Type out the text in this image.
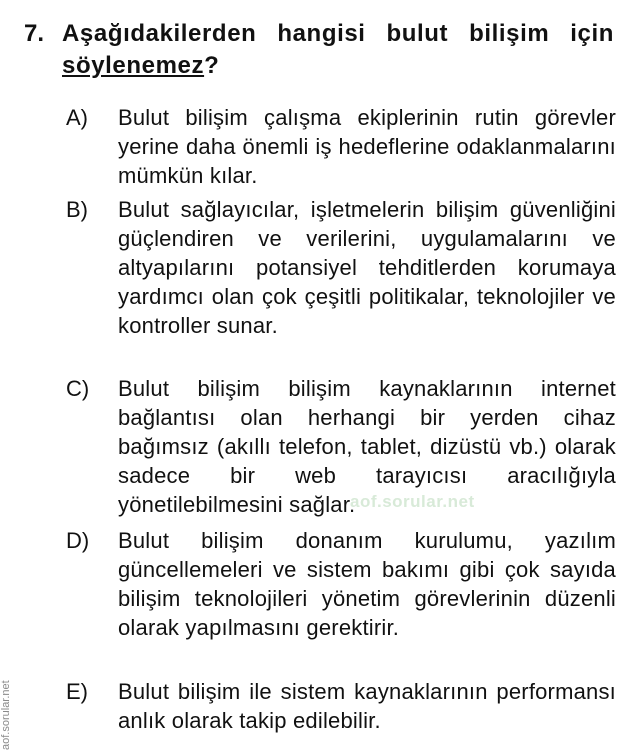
7. Aşağıdakilerden hangisi bulut bilişim için söylenemez?
A) Bulut bilişim çalışma ekiplerinin rutin görevler yerine daha önemli iş hedeflerine odaklanmalarını mümkün kılar.
B) Bulut sağlayıcılar, işletmelerin bilişim güvenliğini güçlendiren ve verilerini, uygulamalarını ve altyapılarını potansiyel tehditlerden korumaya yardımcı olan çok çeşitli politikalar, teknolojiler ve kontroller sunar.
C) Bulut bilişim bilişim kaynaklarının internet bağlantısı olan herhangi bir yerden cihaz bağımsız (akıllı telefon, tablet, dizüstü vb.) olarak sadece bir web tarayıcısı aracılığıyla yönetilebilmesini sağlar.
D) Bulut bilişim donanım kurulumu, yazılım güncellemeleri ve sistem bakımı gibi çok sayıda bilişim teknolojileri yönetim görevlerinin düzenli olarak yapılmasını gerektirir.
E) Bulut bilişim ile sistem kaynaklarının performansı anlık olarak takip edilebilir.
aof.sorular.net
aof.sorular.net
